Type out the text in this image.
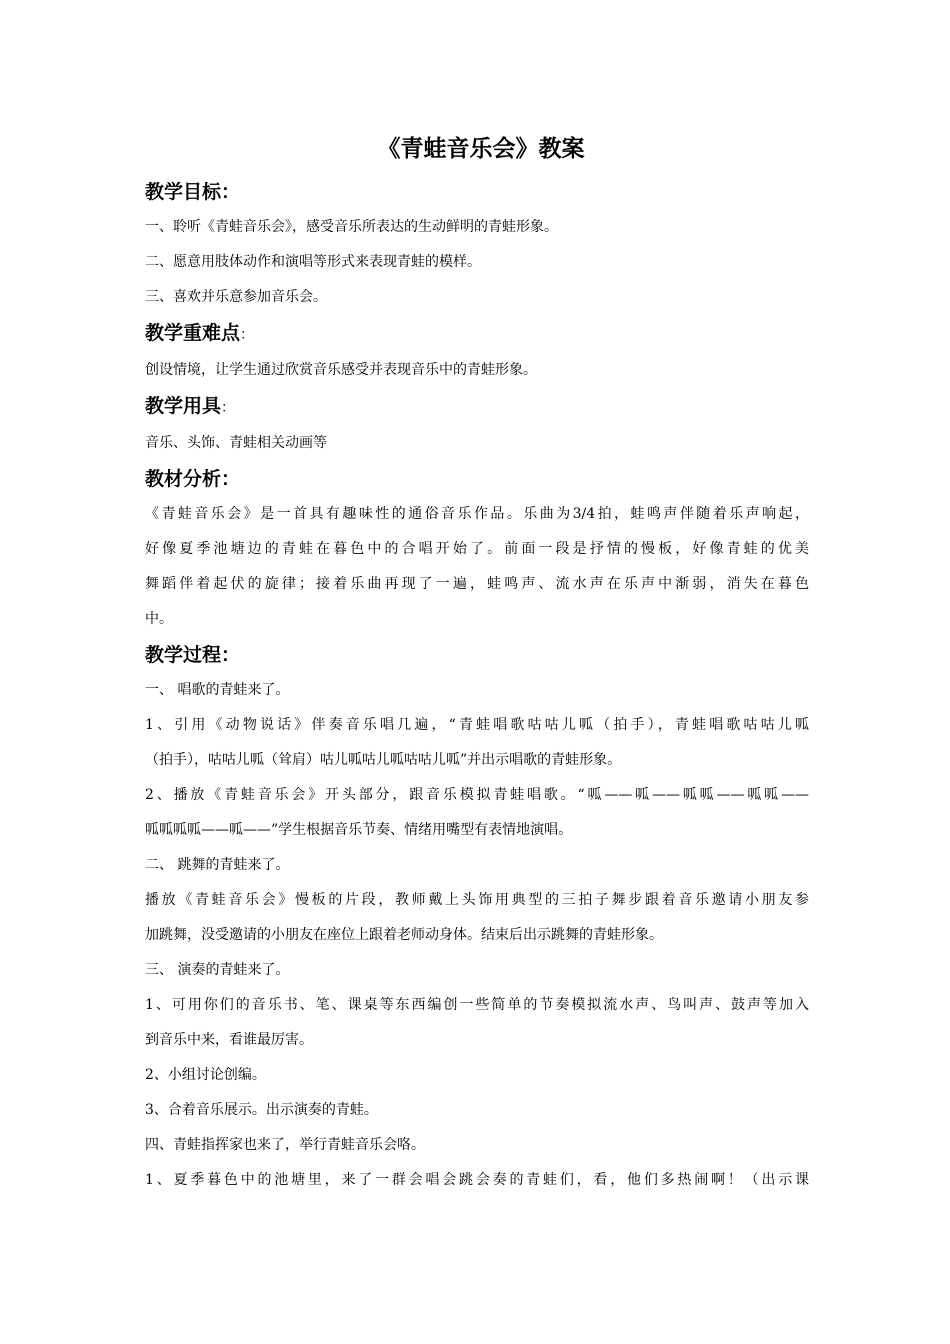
《青蛙音乐会》教案
教学目标：
一、聆听《青蛙音乐会》，感受音乐所表达的生动鲜明的青蛙形象。
二、愿意用肢体动作和演唱等形式来表现青蛙的模样。
三、喜欢并乐意参加音乐会。
教学重难点：
创设情境，让学生通过欣赏音乐感受并表现音乐中的青蛙形象。
教学用具：
音乐、头饰、青蛙相关动画等
教材分析：
《青蛙音乐会》是一首具有趣味性的通俗音乐作品。乐曲为3/4拍，蛙鸣声伴随着乐声响起，
好像夏季池塘边的青蛙在暮色中的合唱开始了。前面一段是抒情的慢板，好像青蛙的优美
舞蹈伴着起伏的旋律；接着乐曲再现了一遍，蛙鸣声、流水声在乐声中渐弱，消失在暮色
中。
教学过程：
一、 唱歌的青蛙来了。
1、引用《动物说话》伴奏音乐唱几遍，“青蛙唱歌咕咕儿呱（拍手），青蛙唱歌咕咕儿呱
（拍手），咕咕儿呱（耸肩）咕儿呱咕儿呱咕咕儿呱”并出示唱歌的青蛙形象。
2、播放《青蛙音乐会》开头部分，跟音乐模拟青蛙唱歌。“呱——呱——呱呱——呱呱——
呱呱呱呱——呱——”学生根据音乐节奏、情绪用嘴型有表情地演唱。
二、 跳舞的青蛙来了。
播放《青蛙音乐会》慢板的片段，教师戴上头饰用典型的三拍子舞步跟着音乐邀请小朋友参
加跳舞，没受邀请的小朋友在座位上跟着老师动身体。结束后出示跳舞的青蛙形象。
三、 演奏的青蛙来了。
1、可用你们的音乐书、笔、课桌等东西编创一些简单的节奏模拟流水声、鸟叫声、鼓声等加入
到音乐中来，看谁最厉害。
2、小组讨论创编。
3、合着音乐展示。出示演奏的青蛙。
四、青蛙指挥家也来了，举行青蛙音乐会咯。
1、夏季暮色中的池塘里，来了一群会唱会跳会奏的青蛙们，看，他们多热闹啊！（出示课
